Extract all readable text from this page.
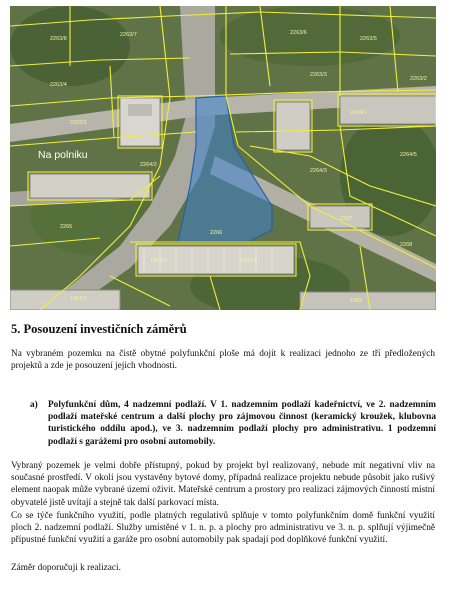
2263/8
2263/7	2263/6
2263/5
2263/4
2263/3
2263/2
2263/1
2264/1
2264/2
2264/3
2264/5
2265
2266
2267
2268
1963/2	1963/3
1961/1	1962
Na polniku
5. Posouzení investičních záměrů

Na vybraném pozemku na čistě obytné polyfunkční ploše má dojít k realizaci jednoho ze tří předložených projektů a zde je posouzení jejich vhodnosti.

a)	Polyfunkční dům, 4 nadzemní podlaží. V 1. nadzemním podlaží kadeřnictví, ve 2. nadzemním podlaží mateřské centrum a další plochy pro zájmovou činnost (keramický kroužek, klubovna turistického oddílu apod.), ve 3. nadzemním podlaží plochy pro administrativu. 1 podzemní podlaží s garážemi pro osobní automobily.

Vybraný pozemek je velmi dobře přístupný, pokud by projekt byl realizovaný, nebude mít negativní vliv na současné prostředí. V okolí jsou vystavěny bytové domy, případná realizace projektu nebude působit jako rušivý element naopak může vybrané území oživit. Mateřské centrum a prostory pro realizaci zájmových činností místní obyvatelé jistě uvítají a stejně tak další parkovací místa.

Co se týče funkčního využití, podle platných regulativů splňuje v tomto polyfunkčním domě funkční využití ploch 2. nadzemní podlaží. Služby umístěné v 1. n. p. a plochy pro administrativu ve 3. n. p. splňují výjimečně přípustné funkční využití a garáže pro osobní automobily pak spadají pod doplňkové funkční využití.

Záměr doporučuji k realizaci.
